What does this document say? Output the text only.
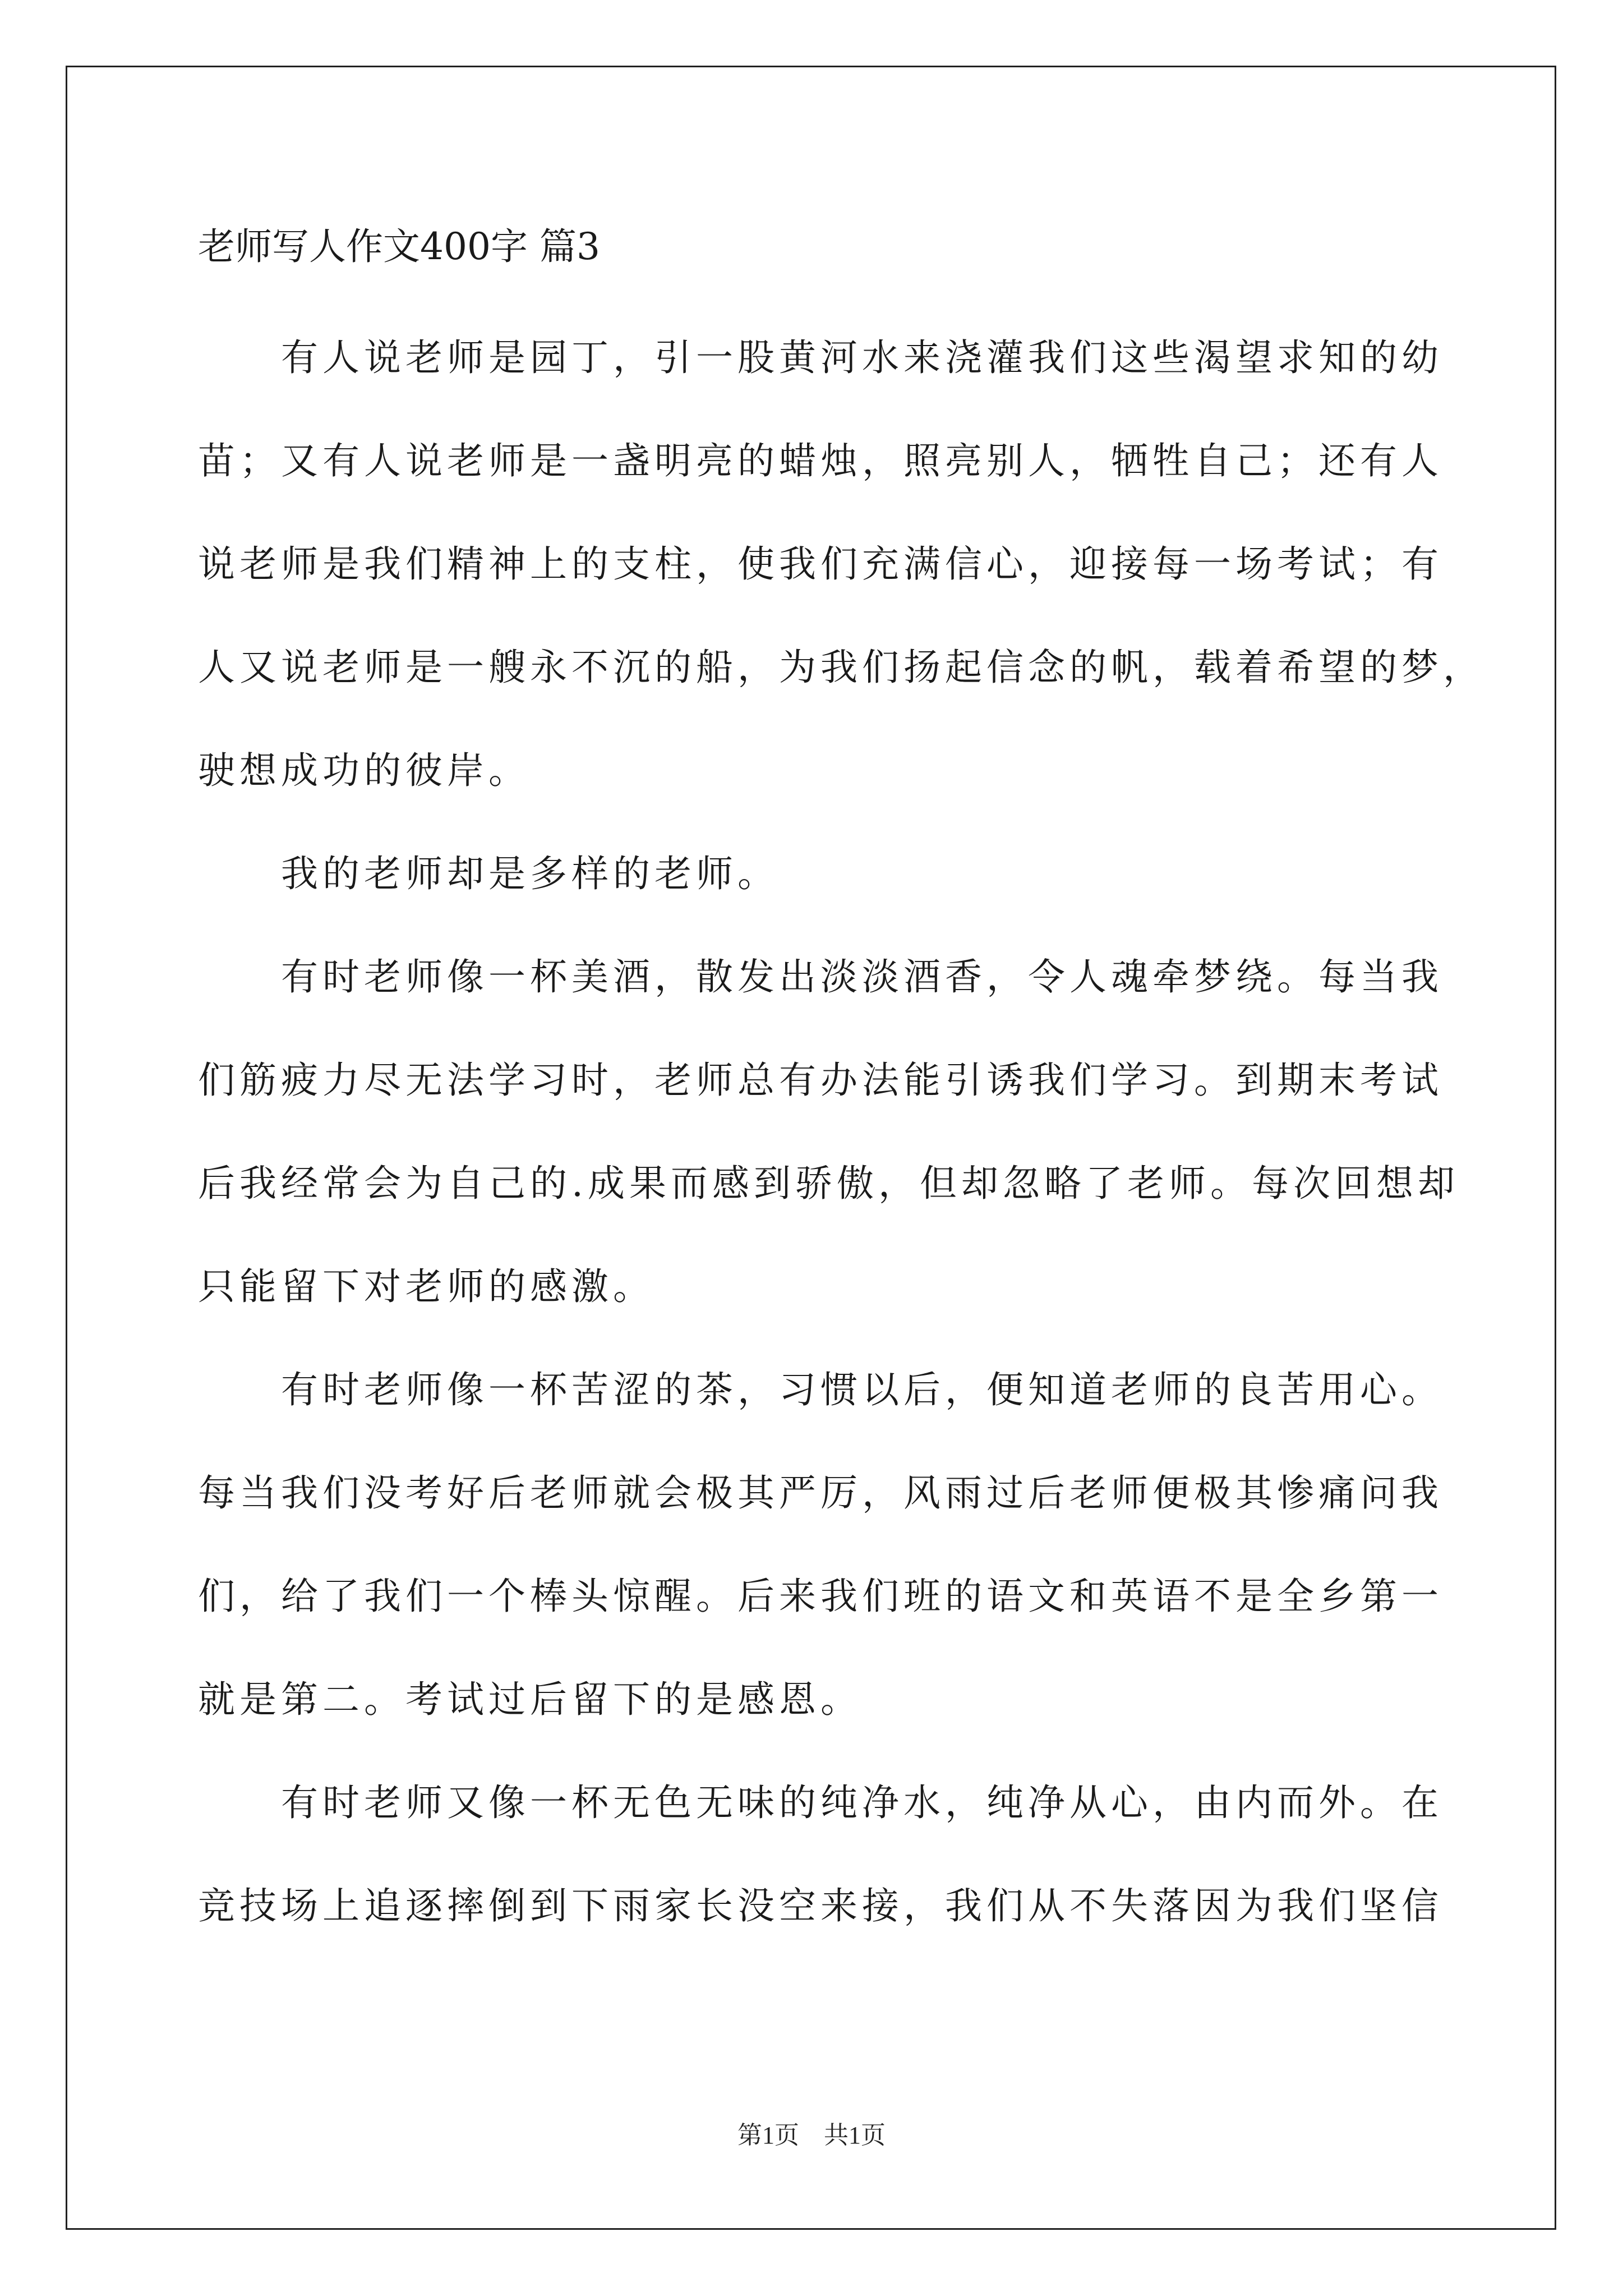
老师写人作文400字 篇3
有人说老师是园丁，引一股黄河水来浇灌我们这些渴望求知的幼
苗；又有人说老师是一盏明亮的蜡烛，照亮别人，牺牲自己；还有人
说老师是我们精神上的支柱，使我们充满信心，迎接每一场考试；有
人又说老师是一艘永不沉的船，为我们扬起信念的帆，载着希望的梦，
驶想成功的彼岸。
我的老师却是多样的老师。
有时老师像一杯美酒，散发出淡淡酒香，令人魂牵梦绕。每当我
们筋疲力尽无法学习时，老师总有办法能引诱我们学习。到期末考试
后我经常会为自己的.成果而感到骄傲，但却忽略了老师。每次回想却
只能留下对老师的感激。
有时老师像一杯苦涩的茶，习惯以后，便知道老师的良苦用心。
每当我们没考好后老师就会极其严厉，风雨过后老师便极其惨痛问我
们，给了我们一个棒头惊醒。后来我们班的语文和英语不是全乡第一
就是第二。考试过后留下的是感恩。
有时老师又像一杯无色无味的纯净水，纯净从心，由内而外。在
竞技场上追逐摔倒到下雨家长没空来接，我们从不失落因为我们坚信
第1页　共1页
